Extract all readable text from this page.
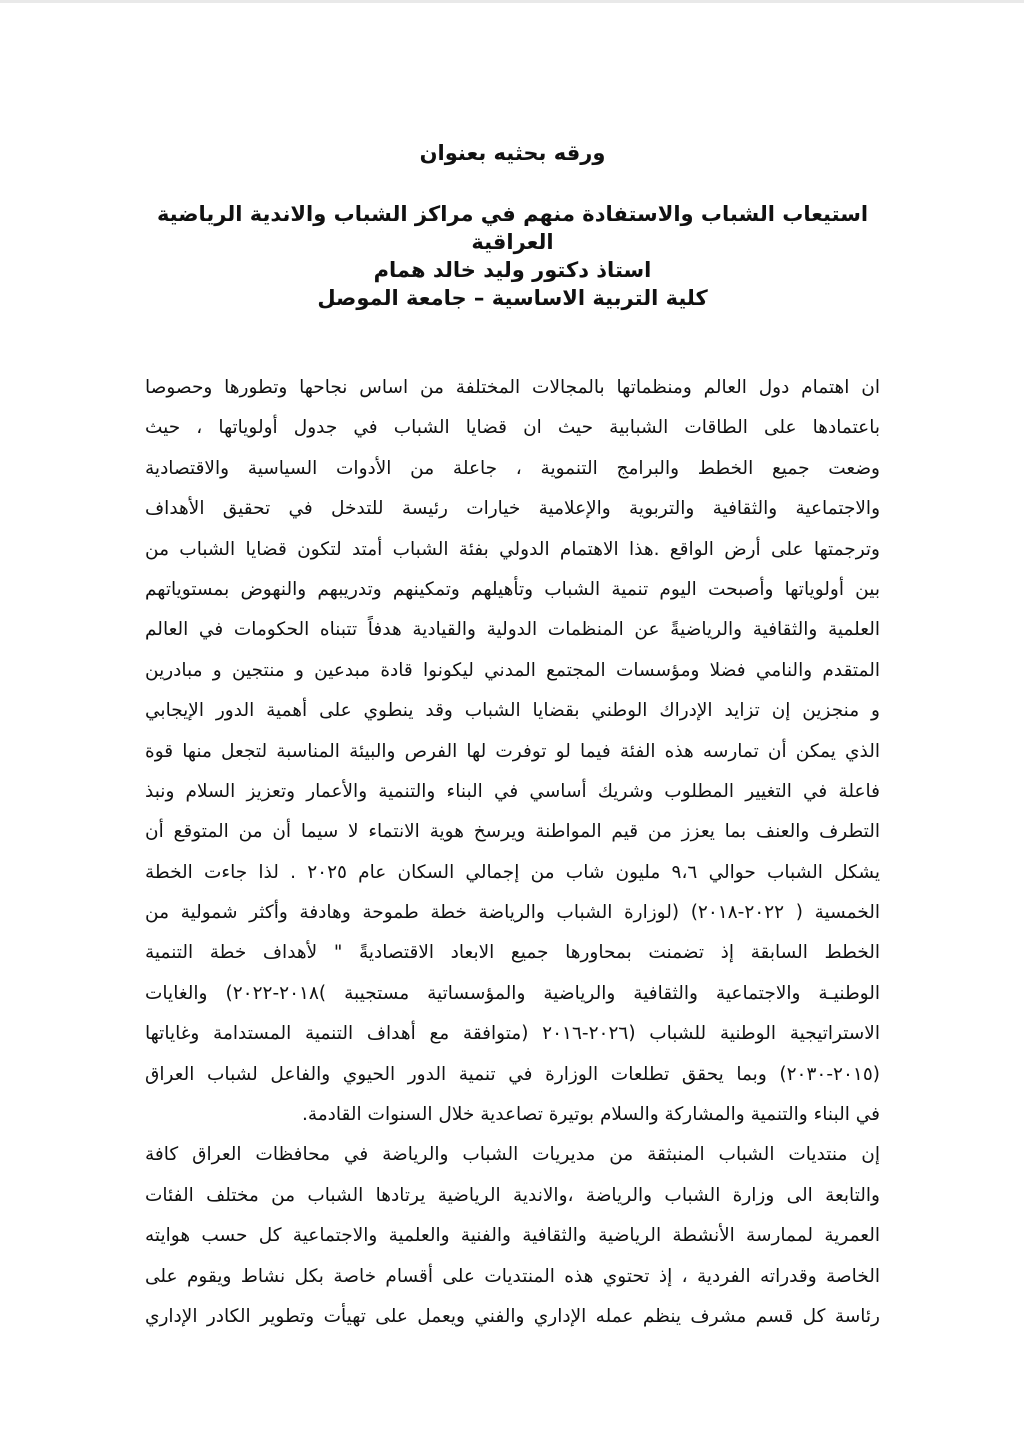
ورقه بحثيه بعنوان
استيعاب الشباب والاستفادة منهم في مراكز الشباب والاندية الرياضية
العراقية
استاذ دكتور وليد خالد همام
كلية التربية الاساسية – جامعة الموصل
ان اهتمام دول العالم ومنظماتها بالمجالات المختلفة من اساس نجاحها وتطورها وحصوصا
باعتمادها على الطاقات الشبابية حيث ان قضايا الشباب في جدول أولوياتها ، حيث
وضعت جميع الخطط والبرامج التنموية ، جاعلة من الأدوات السياسية والاقتصادية
والاجتماعية والثقافية والتربوية والإعلامية خيارات رئيسة للتدخل في تحقيق الأهداف
وترجمتها على أرض الواقع .هذا الاهتمام الدولي بفئة الشباب أمتد لتكون قضايا الشباب من
بين أولوياتها وأصبحت اليوم تنمية الشباب وتأهيلهم وتمكينهم وتدريبهم والنهوض بمستوياتهم
العلمية والثقافية والرياضيةً عن المنظمات الدولية والقيادية هدفاً تتبناه الحكومات في العالم
المتقدم والنامي فضلا ومؤسسات المجتمع المدني ليكونوا قادة مبدعين و منتجين و مبادرين
و منجزين إن تزايد الإدراك الوطني بقضايا الشباب وقد ينطوي على أهمية الدور الإيجابي
الذي يمكن أن تمارسه هذه الفئة فيما لو توفرت لها الفرص والبيئة المناسبة لتجعل منها قوة
فاعلة في التغيير المطلوب وشريك أساسي في البناء والتنمية والأعمار وتعزيز السلام ونبذ
التطرف والعنف بما يعزز من قيم المواطنة ويرسخ هوية الانتماء لا سيما أن من المتوقع أن
يشكل الشباب حوالي ٩،٦ مليون شاب من إجمالي السكان عام ٢٠٢٥ . لذا جاءت الخطة
الخمسية ( ٢٠٢٢-٢٠١٨) (لوزارة الشباب والرياضة خطة طموحة وهادفة وأكثر شمولية من
الخطط السابقة إذ تضمنت بمحاورها جميع الابعاد الاقتصاديةً " لأهداف خطة التنمية
الوطنيـة والاجتماعية والثقافية والرياضية والمؤسساتية مستجيبة )٢٠١٨-٢٠٢٢) والغايات
الاستراتيجية الوطنية للشباب (٢٠٢٦-٢٠١٦ (متوافقة مع أهداف التنمية المستدامة وغاياتها
(٢٠١٥-٢٠٣٠) وبما يحقق تطلعات الوزارة في تنمية الدور الحيوي والفاعل لشباب العراق
في البناء والتنمية والمشاركة والسلام بوتيرة تصاعدية خلال السنوات القادمة.
إن منتديات الشباب المنبثقة من مديريات الشباب والرياضة في محافظات العراق كافة
والتابعة الى وزارة الشباب والرياضة ،والاندية الرياضية يرتادها الشباب من مختلف الفئات
العمرية لممارسة الأنشطة الرياضية والثقافية والفنية والعلمية والاجتماعية كل حسب هوايته
الخاصة وقدراته الفردية ، إذ تحتوي هذه المنتديات على أقسام خاصة بكل نشاط ويقوم على
رئاسة كل قسم مشرف ينظم عمله الإداري والفني ويعمل على تهيأت وتطوير الكادر الإداري
